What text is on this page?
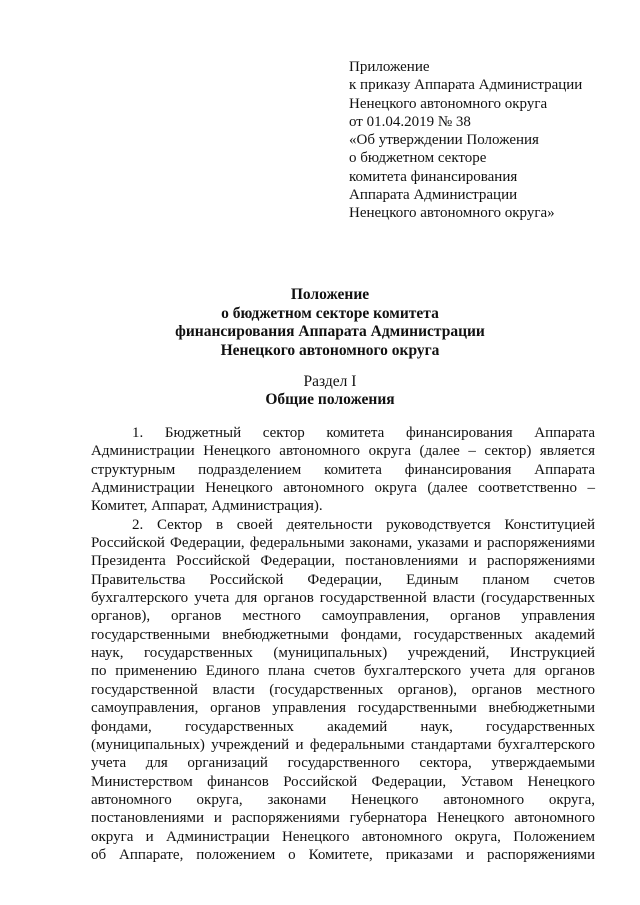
Приложение
к приказу Аппарата Администрации
Ненецкого автономного округа
от 01.04.2019 № 38
«Об утверждении Положения
о бюджетном секторе
комитета финансирования
Аппарата Администрации
Ненецкого автономного округа»
Положение
о бюджетном секторе комитета
финансирования Аппарата Администрации
Ненецкого автономного округа
Раздел I
Общие положения
1. Бюджетный сектор комитета финансирования Аппарата
Администрации Ненецкого автономного округа (далее – сектор) является
структурным подразделением комитета финансирования Аппарата
Администрации Ненецкого автономного округа (далее соответственно –
Комитет, Аппарат, Администрация).
2. Сектор в своей деятельности руководствуется Конституцией
Российской Федерации, федеральными законами, указами и распоряжениями
Президента Российской Федерации, постановлениями и распоряжениями
Правительства Российской Федерации, Единым планом счетов
бухгалтерского учета для органов государственной власти (государственных
органов), органов местного самоуправления, органов управления
государственными внебюджетными фондами, государственных академий
наук, государственных (муниципальных) учреждений, Инструкцией
по применению Единого плана счетов бухгалтерского учета для органов
государственной власти (государственных органов), органов местного
самоуправления, органов управления государственными внебюджетными
фондами, государственных академий наук, государственных
(муниципальных) учреждений и федеральными стандартами бухгалтерского
учета для организаций государственного сектора, утверждаемыми
Министерством финансов Российской Федерации, Уставом Ненецкого
автономного округа, законами Ненецкого автономного округа,
постановлениями и распоряжениями губернатора Ненецкого автономного
округа и Администрации Ненецкого автономного округа, Положением
об Аппарате, положением о Комитете, приказами и распоряжениями
